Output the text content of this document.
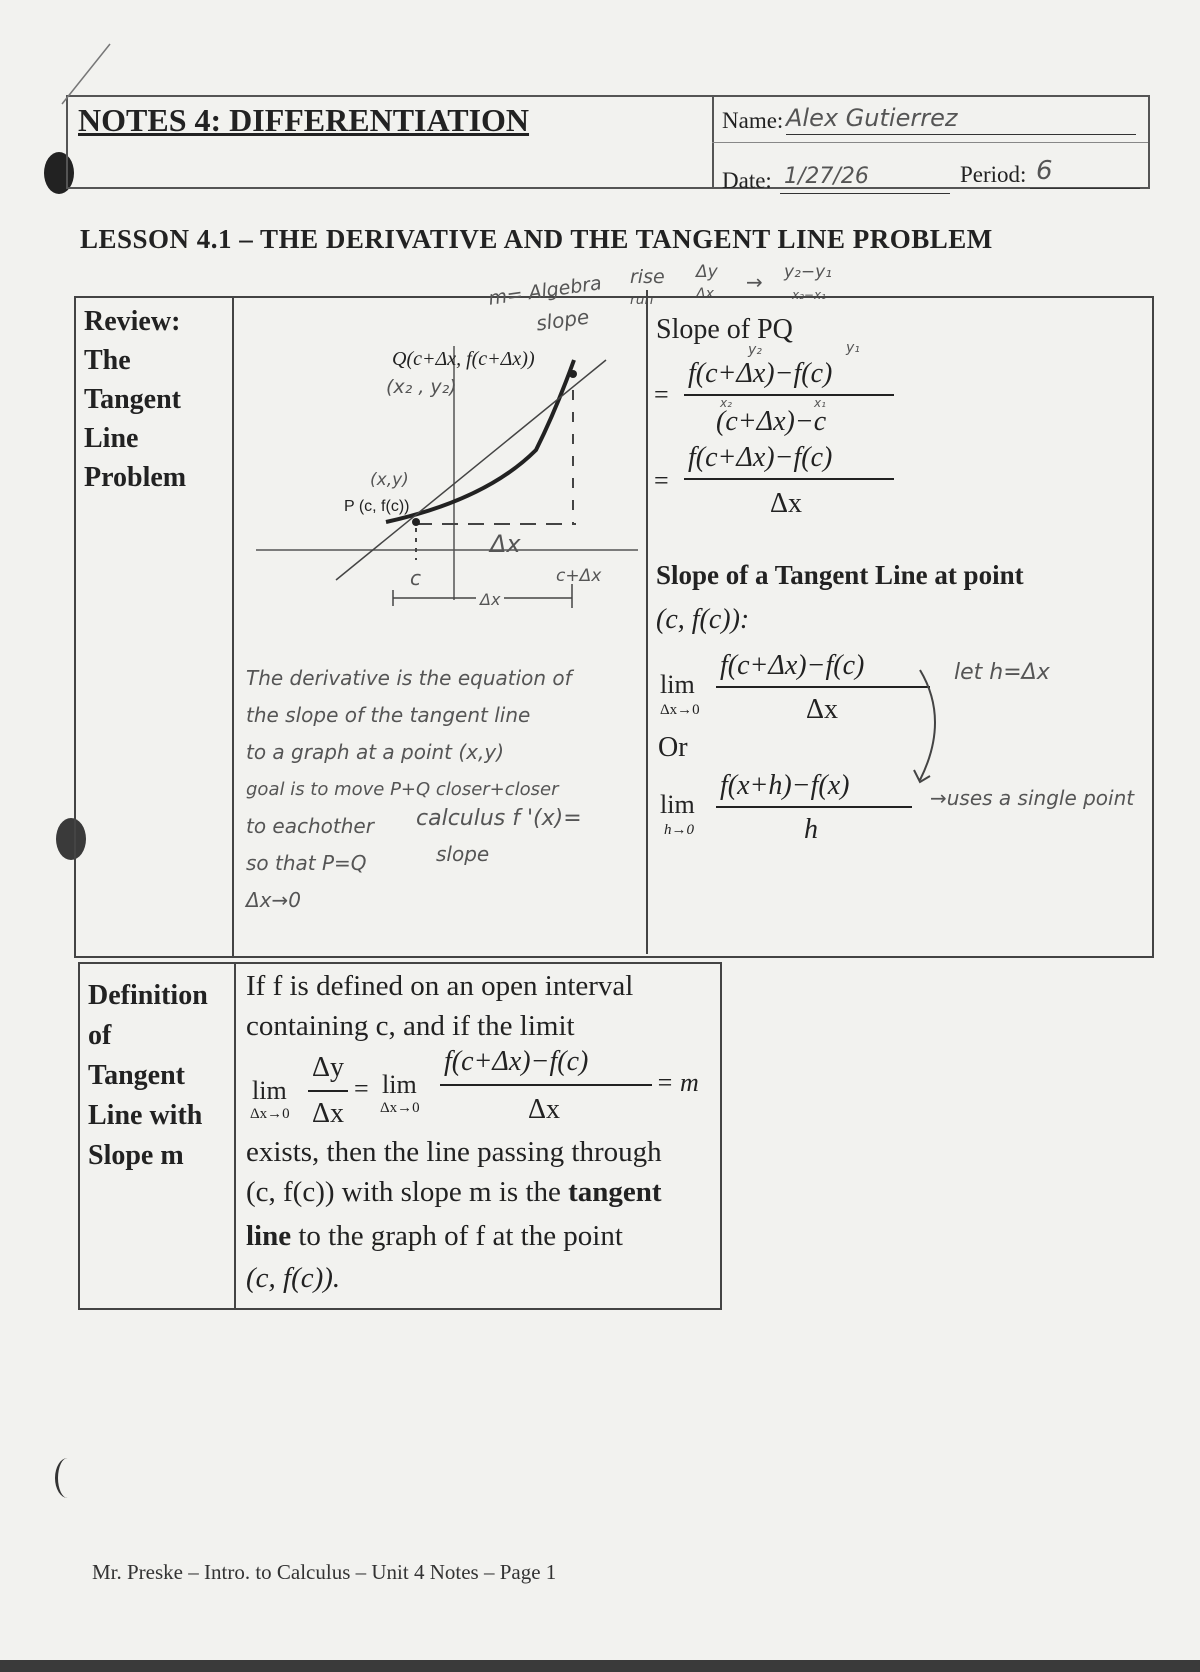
NOTES 4: DIFFERENTIATION	Name: Alex Gutierrez
Date: 1/27/26	Period: 6
LESSON 4.1 – THE DERIVATIVE AND THE TANGENT LINE PROBLEM
rise
run
Δy
Δx → y₂−y₁
x₂−x₁
Review:
The
Tangent
Line
Problem
m= Algebra
slope
Q(c+Δx, f(c+Δx))
(x₂ , y₂)
(x,y)
P (c, f(c))
Δx
c	c+Δx
Δx
The derivative is the equation of
the slope of the tangent line
to a graph at a point (x,y)
goal is to move P+Q closer+closer
to eachother
so that P=Q
Δx→0
calculus f '(x)=
slope
Slope of PQ
y₂	y₁
=
f(c+Δx)−f(c)
x₂	x₁
(c+Δx)−c
=
f(c+Δx)−f(c)
Δx
Slope of a Tangent Line at point
(c, f(c)):
lim
Δx→0
f(c+Δx)−f(c)
Δx
let h=Δx
Or
lim
h→0
f(x+h)−f(x)
h
→uses a single point
Definition
of
Tangent
Line with
Slope m
If f is defined on an open interval
containing c, and if the limit
lim
Δx→0
Δy
Δx
= lim
Δx→0
f(c+Δx)−f(c)
Δx
= m
exists, then the line passing through
(c, f(c)) with slope m is the tangent
line to the graph of f at the point
(c, f(c)).
Mr. Preske – Intro. to Calculus – Unit 4 Notes – Page 1
